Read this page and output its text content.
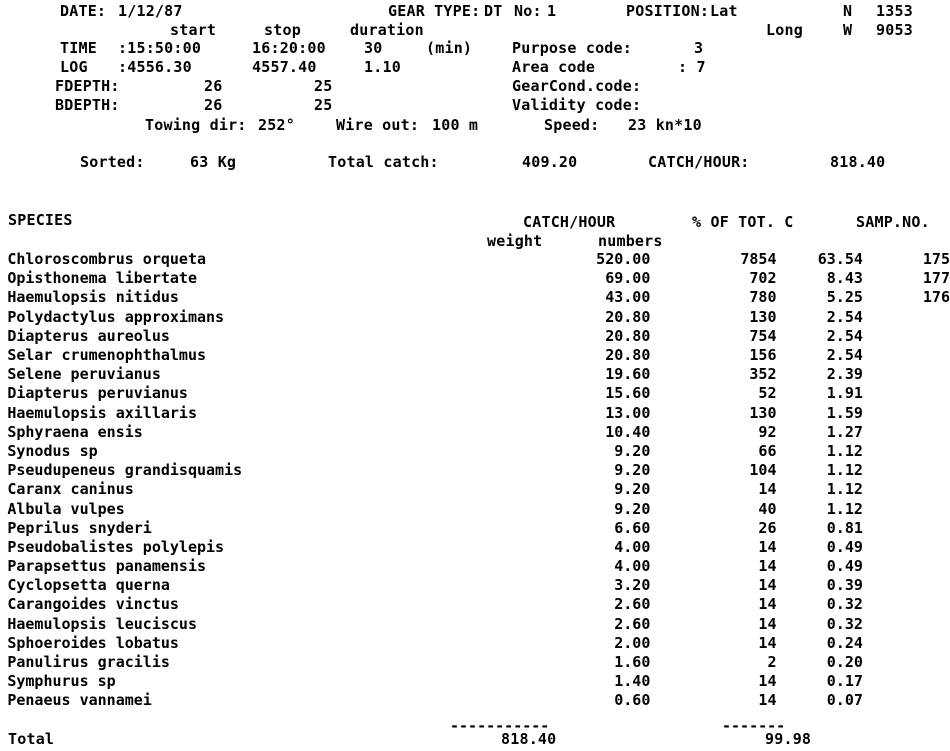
DATE: 1/12/87	GEAR TYPE: DT No: 1	POSITION: Lat	N 1353
start	stop	duration	Long	W 9053
TIME :15:50:00	16:20:00	30	(min)	Purpose code:	3
LOG :4556.30	4557.40	1.10	Area code	: 7
FDEPTH:	26	25	GearCond.code:
BDEPTH:	26	25	Validity code:
Towing dir: 252°	Wire out: 100 m	Speed: 23 kn*10
Sorted:	63 Kg	Total catch:	409.20	CATCH/HOUR:	818.40
SPECIES	CATCH/HOUR	% OF TOT. C	SAMP.NO.
weight	numbers
	Chloroscombrus orqueta	520.00	7854		63.54	175
	Opisthonema libertate	69.00	702		8.43	177
	Haemulopsis nitidus	43.00	780		5.25	176
	Polydactylus approximans	20.80	130		2.54	
	Diapterus aureolus	20.80	754		2.54	
	Selar crumenophthalmus	20.80	156		2.54	
	Selene peruvianus	19.60	352		2.39	
	Diapterus peruvianus	15.60	52		1.91	
	Haemulopsis axillaris	13.00	130		1.59	
	Sphyraena ensis	10.40	92		1.27	
	Synodus sp	9.20	66		1.12	
	Pseudupeneus grandisquamis	9.20	104		1.12	
	Caranx caninus	9.20	14		1.12	
	Albula vulpes	9.20	40		1.12	
	Peprilus snyderi	6.60	26		0.81	
	Pseudobalistes polylepis	4.00	14		0.49	
	Parapsettus panamensis	4.00	14		0.49	
	Cyclopsetta querna	3.20	14		0.39	
	Carangoides vinctus	2.60	14		0.32	
	Haemulopsis leuciscus	2.60	14		0.32	
	Sphoeroides lobatus	2.00	14		0.24	
	Panulirus gracilis	1.60	2		0.20	
	Symphurus sp	1.40	14		0.17	
	Penaeus vannamei	0.60	14		0.07	
-----------	-------
Total	818.40	99.98
